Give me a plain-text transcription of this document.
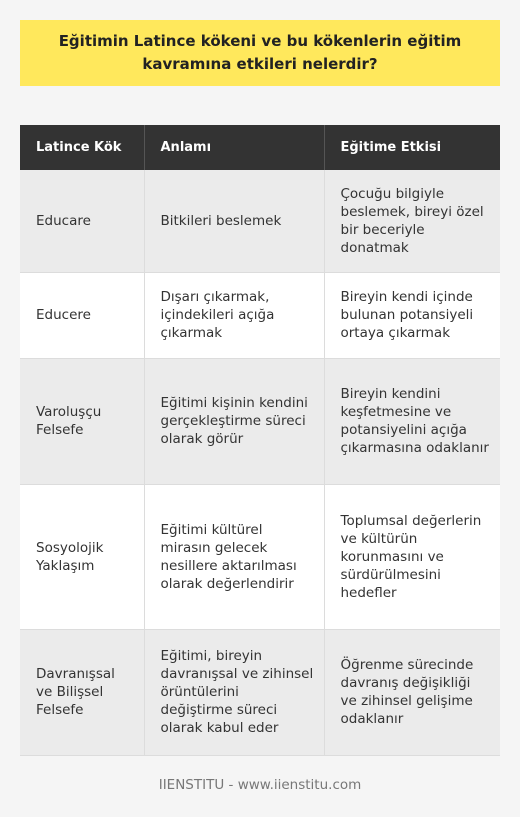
Eğitimin Latince kökeni ve bu kökenlerin eğitim kavramına etkileri nelerdir?
Latince Kök	Anlamı	Eğitime Etkisi
Educare	Bitkileri beslemek	Çocuğu bilgiyle beslemek, bireyi özel bir beceriyle donatmak
Educere	Dışarı çıkarmak, içindekileri açığa çıkarmak	Bireyin kendi içinde bulunan potansiyeli ortaya çıkarmak
Varoluşçu Felsefe	Eğitimi kişinin kendini gerçekleştirme süreci olarak görür	Bireyin kendini keşfetmesine ve potansiyelini açığa çıkarmasına odaklanır
Sosyolojik Yaklaşım	Eğitimi kültürel mirasın gelecek nesillere aktarılması olarak değerlendirir	Toplumsal değerlerin ve kültürün korunmasını ve sürdürülmesini hedefler
Davranışsal ve Bilişsel Felsefe	Eğitimi, bireyin davranışsal ve zihinsel örüntülerini değiştirme süreci olarak kabul eder	Öğrenme sürecinde davranış değişikliği ve zihinsel gelişime odaklanır
IIENSTITU - www.iienstitu.com
